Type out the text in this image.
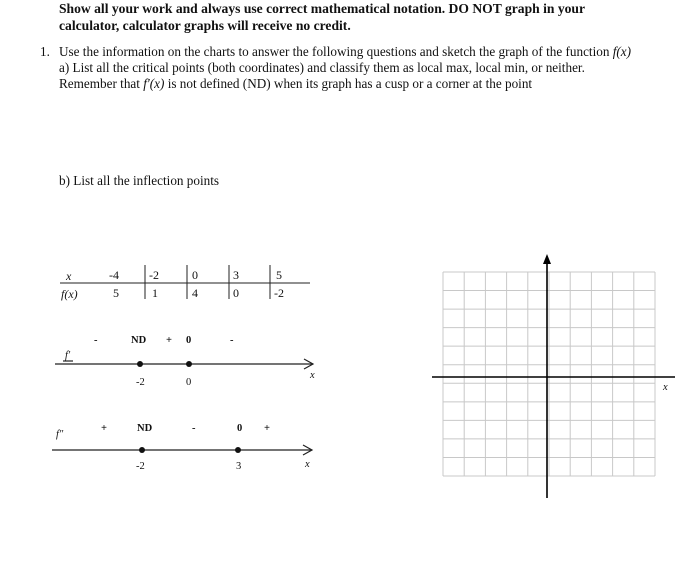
Show all your work and always use correct mathematical notation. DO NOT graph in your
calculator, calculator graphs will receive no credit.
1. Use the information on the charts to answer the following questions and sketch the graph of the function f(x)
a) List all the critical points (both coordinates) and classify them as local max, local min, or neither.
Remember that f′(x) is not defined (ND) when its graph has a cusp or a corner at the point
b) List all the inflection points
x
f(x)
-4	-2	0	3	5
5	1	4	0	-2
f′
-	ND + 0	-
-2	0
x
f″
+	ND	-	0 +
-2	3	x
x
